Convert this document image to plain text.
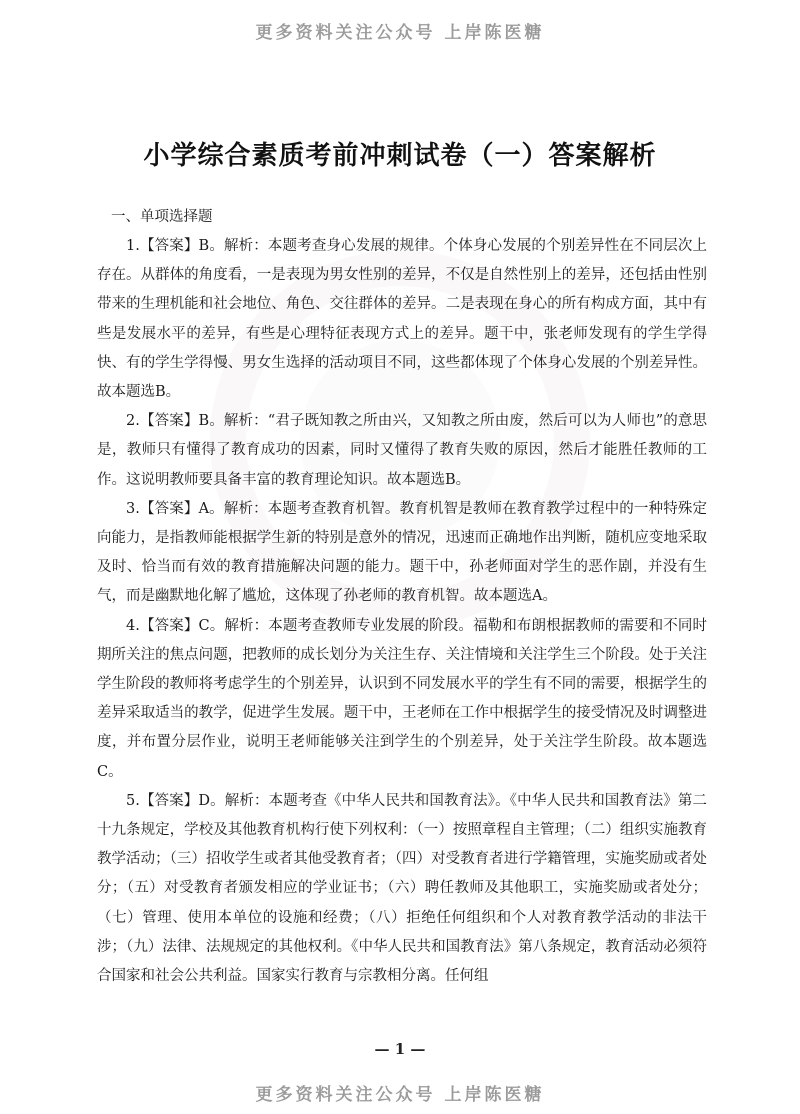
更多资料关注公众号 上岸陈医糖
小学综合素质考前冲刺试卷（一）答案解析

一、单项选择题

1.【答案】B。解析：本题考查身心发展的规律。个体身心发展的个别差异性在不同层次上存在。从群体的角度看，一是表现为男女性别的差异，不仅是自然性别上的差异，还包括由性别带来的生理机能和社会地位、角色、交往群体的差异。二是表现在身心的所有构成方面，其中有些是发展水平的差异，有些是心理特征表现方式上的差异。题干中，张老师发现有的学生学得快、有的学生学得慢、男女生选择的活动项目不同，这些都体现了个体身心发展的个别差异性。故本题选B。

2.【答案】B。解析：“君子既知教之所由兴，又知教之所由废，然后可以为人师也”的意思是，教师只有懂得了教育成功的因素，同时又懂得了教育失败的原因，然后才能胜任教师的工作。这说明教师要具备丰富的教育理论知识。故本题选B。

3.【答案】A。解析：本题考查教育机智。教育机智是教师在教育教学过程中的一种特殊定向能力，是指教师能根据学生新的特别是意外的情况，迅速而正确地作出判断，随机应变地采取及时、恰当而有效的教育措施解决问题的能力。题干中，孙老师面对学生的恶作剧，并没有生气，而是幽默地化解了尴尬，这体现了孙老师的教育机智。故本题选A。

4.【答案】C。解析：本题考查教师专业发展的阶段。福勒和布朗根据教师的需要和不同时期所关注的焦点问题，把教师的成长划分为关注生存、关注情境和关注学生三个阶段。处于关注学生阶段的教师将考虑学生的个别差异，认识到不同发展水平的学生有不同的需要，根据学生的差异采取适当的教学，促进学生发展。题干中，王老师在工作中根据学生的接受情况及时调整进度，并布置分层作业，说明王老师能够关注到学生的个别差异，处于关注学生阶段。故本题选C。

5.【答案】D。解析：本题考查《中华人民共和国教育法》。《中华人民共和国教育法》第二十九条规定，学校及其他教育机构行使下列权利：（一）按照章程自主管理；（二）组织实施教育教学活动；（三）招收学生或者其他受教育者；（四）对受教育者进行学籍管理，实施奖励或者处分；（五）对受教育者颁发相应的学业证书；（六）聘任教师及其他职工，实施奖励或者处分；（七）管理、使用本单位的设施和经费；（八）拒绝任何组织和个人对教育教学活动的非法干涉；（九）法律、法规规定的其他权利。《中华人民共和国教育法》第八条规定，教育活动必须符合国家和社会公共利益。国家实行教育与宗教相分离。任何组

— 1 —
更多资料关注公众号 上岸陈医糖
